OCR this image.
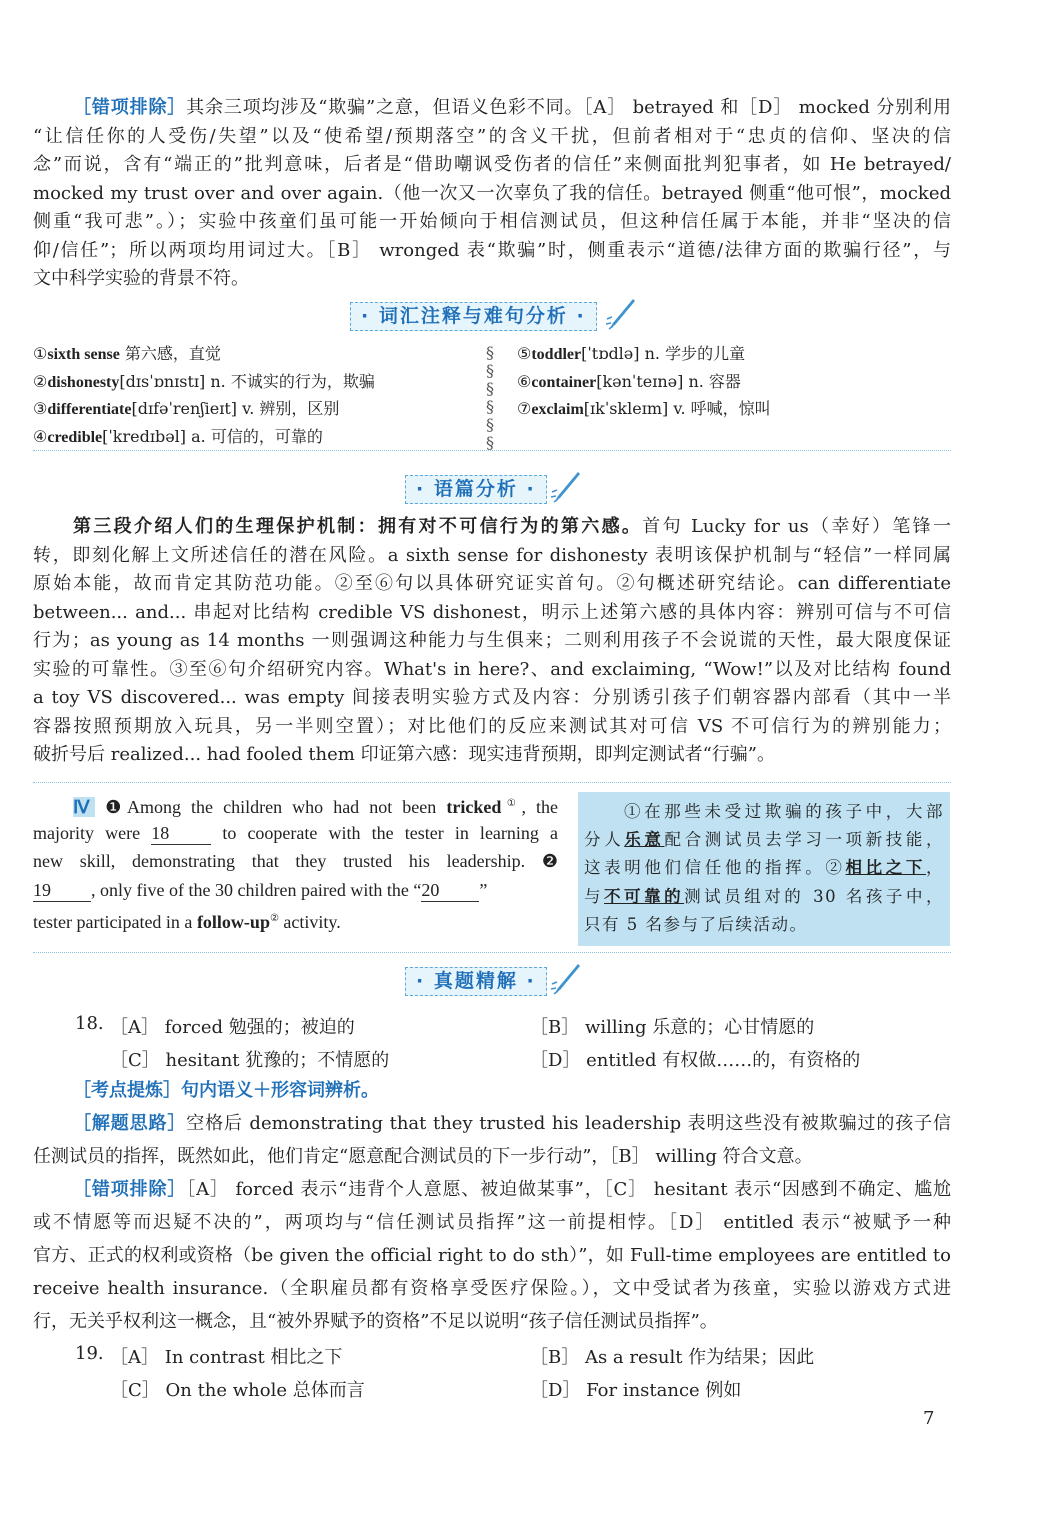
［错项排除］其余三项均涉及“欺骗”之意，但语义色彩不同。［A］ betrayed 和［D］ mocked 分别利用
“让信任你的人受伤/失望”以及“使希望/预期落空”的含义干扰，但前者相对于“忠贞的信仰、坚决的信
念”而说，含有“端正的”批判意味，后者是“借助嘲讽受伤者的信任”来侧面批判犯事者，如 He betrayed/
mocked my trust over and over again.（他一次又一次辜负了我的信任。betrayed 侧重“他可恨”，mocked
侧重“我可悲”。）；实验中孩童们虽可能一开始倾向于相信测试员，但这种信任属于本能，并非“坚决的信
仰/信任”；所以两项均用词过大。［B］ wronged 表“欺骗”时，侧重表示“道德/法律方面的欺骗行径”，与
文中科学实验的背景不符。
· 词汇注释与难句分析 ·
①sixth sense 第六感，直觉
②dishonesty[dɪsˈɒnɪstɪ] n. 不诚实的行为，欺骗
③differentiate[dɪfəˈrenʃieɪt] v. 辨别，区别
④credible[ˈkredɪbəl] a. 可信的，可靠的
§
§
§
§
§
§
⑤toddler[ˈtɒdlə] n. 学步的儿童
⑥container[kənˈteɪnə] n. 容器
⑦exclaim[ɪkˈskleɪm] v. 呼喊，惊叫
· 语篇分析 ·
第三段介绍人们的生理保护机制：拥有对不可信行为的第六感。首句 Lucky for us（幸好）笔锋一
转，即刻化解上文所述信任的潜在风险。a sixth sense for dishonesty 表明该保护机制与“轻信”一样同属
原始本能，故而肯定其防范功能。②至⑥句以具体研究证实首句。②句概述研究结论。can differentiate
between... and... 串起对比结构 credible VS dishonest，明示上述第六感的具体内容：辨别可信与不可信
行为；as young as 14 months 一则强调这种能力与生俱来；二则利用孩子不会说谎的天性，最大限度保证
实验的可靠性。③至⑥句介绍研究内容。What's in here?、and exclaiming, “Wow!”以及对比结构 found
a toy VS discovered... was empty 间接表明实验方式及内容：分别诱引孩子们朝容器内部看（其中一半
容器按照预期放入玩具，另一半则空置）；对比他们的反应来测试其对可信 VS 不可信行为的辨别能力；
破折号后 realized... had fooled them 印证第六感：现实违背预期，即判定测试者“行骗”。
Ⅳ ❶Among the children who had not been tricked①, the
majority were 18	to cooperate with the tester in learning a
new skill, demonstrating that they trusted his leadership. ❷
19 , only five of the 30 children paired with the “20 ”
tester participated in a follow-up② activity.
①在那些未受过欺骗的孩子中，大部
分人乐意配合测试员去学习一项新技能，
这表明他们信任他的指挥。②相比之下，
与不可靠的测试员组对的 30 名孩子中，
只有 5 名参与了后续活动。
· 真题精解 ·
18. ［A］ forced 勉强的；被迫的	［B］ willing 乐意的；心甘情愿的
［C］ hesitant 犹豫的；不情愿的	［D］ entitled 有权做……的，有资格的
［考点提炼］句内语义＋形容词辨析。
［解题思路］空格后 demonstrating that they trusted his leadership 表明这些没有被欺骗过的孩子信
任测试员的指挥，既然如此，他们肯定“愿意配合测试员的下一步行动”，［B］ willing 符合文意。
［错项排除］［A］ forced 表示“违背个人意愿、被迫做某事”，［C］ hesitant 表示“因感到不确定、尴尬
或不情愿等而迟疑不决的”，两项均与“信任测试员指挥”这一前提相悖。［D］ entitled 表示“被赋予一种
官方、正式的权利或资格（be given the official right to do sth）”，如 Full-time employees are entitled to
receive health insurance.（全职雇员都有资格享受医疗保险。），文中受试者为孩童，实验以游戏方式进
行，无关乎权利这一概念，且“被外界赋予的资格”不足以说明“孩子信任测试员指挥”。
19. ［A］ In contrast 相比之下	［B］ As a result 作为结果；因此
［C］ On the whole 总体而言	［D］ For instance 例如
7
